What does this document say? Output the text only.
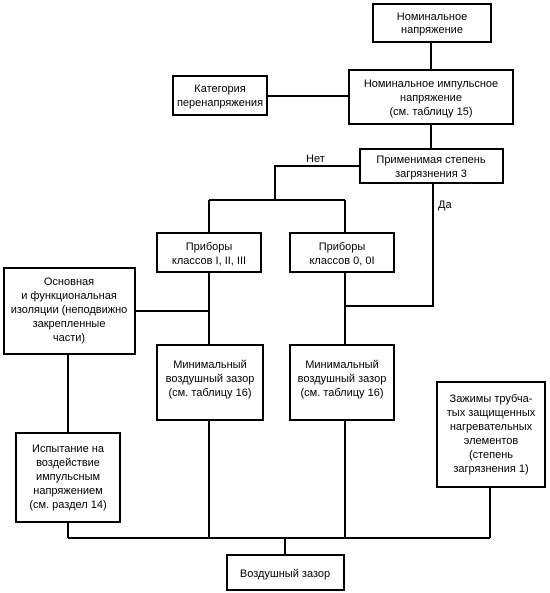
Номинальное
напряжение
Категория
перенапряжения
Номинальное импульсное
напряжение
(см. таблицу 15)
Применимая степень
загрязнения 3
Нет
Да
Приборы
классов I, II, III
Приборы
классов 0, 0I
Основная
и функциональная
изоляции (неподвижно
закрепленные
части)
Минимальный
воздушный зазор
(см. таблицу 16)
Минимальный
воздушный зазор
(см. таблицу 16)
Испытание на
воздействие
импульсным
напряжением
(см. раздел 14)
Зажимы трубча-
тых защищенных
нагревательных
элементов
(степень
загрязнения 1)
Воздушный зазор
